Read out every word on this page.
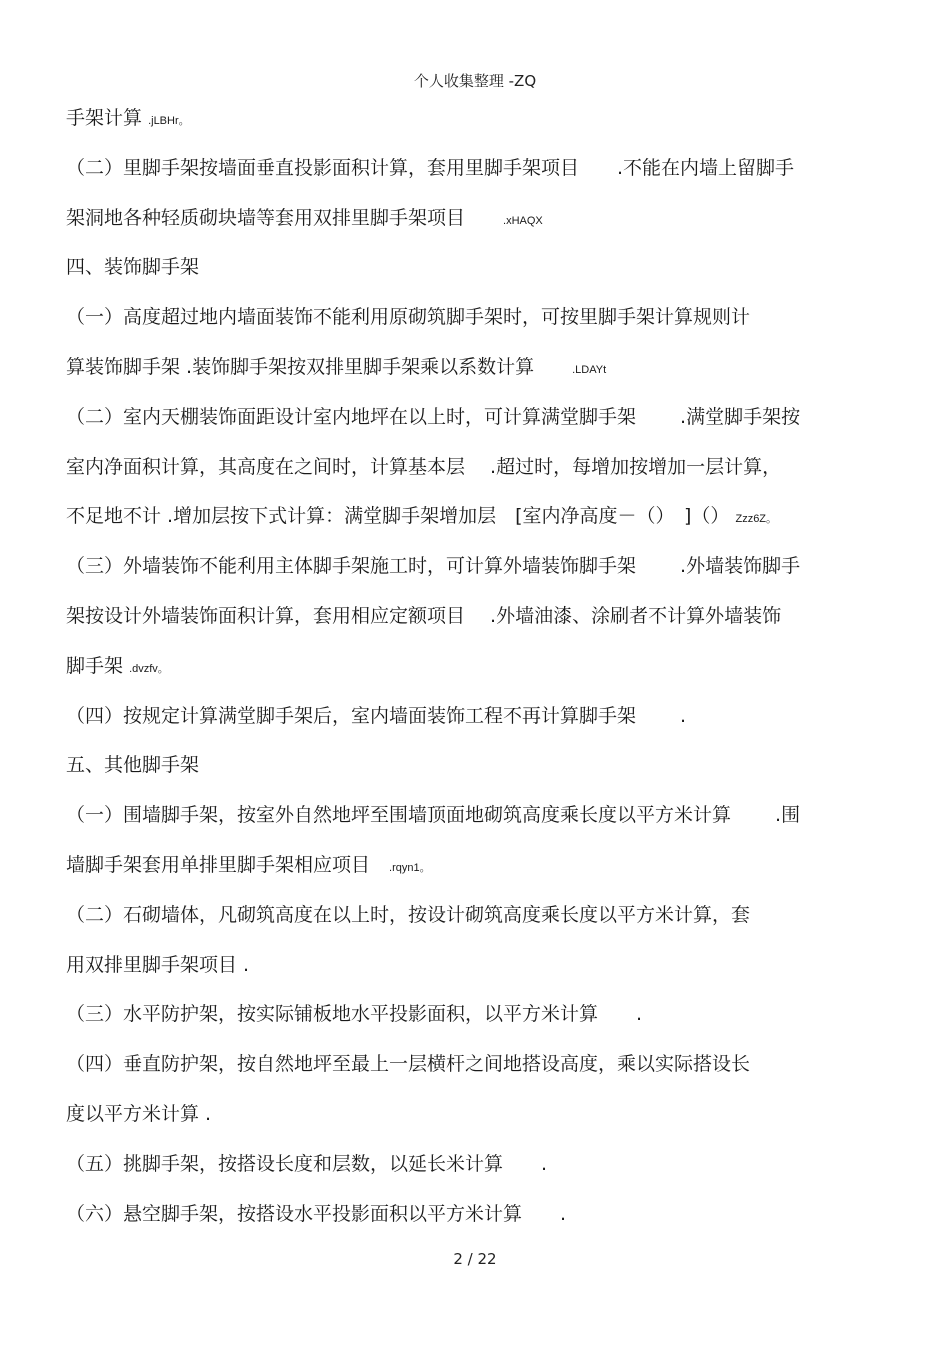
个人收集整理 -ZQ
手架计算 .jLBHr。
（二）里脚手架按墙面垂直投影面积计算，套用里脚手架项目　　.不能在内墙上留脚手
架洞地各种轻质砌块墙等套用双排里脚手架项目　　.xHAQX
四、装饰脚手架
（一）高度超过地内墙面装饰不能利用原砌筑脚手架时，可按里脚手架计算规则计
算装饰脚手架 .装饰脚手架按双排里脚手架乘以系数计算　　.LDAYt
（二）室内天棚装饰面距设计室内地坪在以上时，可计算满堂脚手架　　 .满堂脚手架按
室内净面积计算，其高度在之间时，计算基本层　 .超过时，每增加按增加一层计算，
不足地不计 .增加层按下式计算：满堂脚手架增加层　[室内净高度－（）　]（） Zzz6Z。
（三）外墙装饰不能利用主体脚手架施工时，可计算外墙装饰脚手架　　 .外墙装饰脚手
架按设计外墙装饰面积计算，套用相应定额项目　 .外墙油漆、涂刷者不计算外墙装饰
脚手架 .dvzfv。
（四）按规定计算满堂脚手架后，室内墙面装饰工程不再计算脚手架　　 .
五、其他脚手架
（一）围墙脚手架，按室外自然地坪至围墙顶面地砌筑高度乘长度以平方米计算　　 .围
墙脚手架套用单排里脚手架相应项目　.rqyn1。
（二）石砌墙体，凡砌筑高度在以上时，按设计砌筑高度乘长度以平方米计算，套
用双排里脚手架项目 .
（三）水平防护架，按实际铺板地水平投影面积，以平方米计算　　.
（四）垂直防护架，按自然地坪至最上一层横杆之间地搭设高度，乘以实际搭设长
度以平方米计算 .
（五）挑脚手架，按搭设长度和层数，以延长米计算　　.
（六）悬空脚手架，按搭设水平投影面积以平方米计算　　.
2 / 22
